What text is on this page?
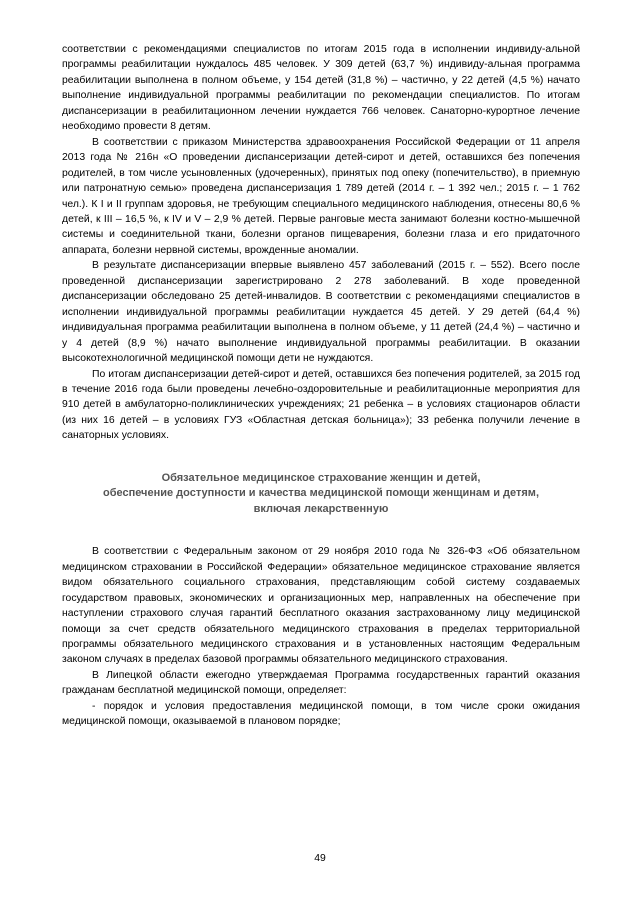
соответствии с рекомендациями специалистов по итогам 2015 года в исполнении индивиду-альной программы реабилитации нуждалось 485 человек. У 309 детей (63,7 %) индивиду-альная программа реабилитации выполнена в полном объеме, у 154 детей (31,8 %) – частично, у 22 детей (4,5 %) начато выполнение индивидуальной программы реабилитации по рекомендации специалистов. По итогам диспансеризации в реабилитационном лечении нуждается 766 человек. Санаторно-курортное лечение необходимо провести 8 детям.

В соответствии с приказом Министерства здравоохранения Российской Федерации от 11 апреля 2013 года № 216н «О проведении диспансеризации детей-сирот и детей, оставшихся без попечения родителей, в том числе усыновленных (удочеренных), принятых под опеку (попечительство), в приемную или патронатную семью» проведена диспансеризация 1 789 детей (2014 г. – 1 392 чел.; 2015 г. – 1 762 чел.). К I и II группам здоровья, не требующим специального медицинского наблюдения, отнесены 80,6 % детей, к III – 16,5 %, к IV и V – 2,9 % детей. Первые ранговые места занимают болезни костно-мышечной системы и соединительной ткани, болезни органов пищеварения, болезни глаза и его придаточного аппарата, болезни нервной системы, врожденные аномалии.

В результате диспансеризации впервые выявлено 457 заболеваний (2015 г. – 552). Всего после проведенной диспансеризации зарегистрировано 2 278 заболеваний. В ходе проведенной диспансеризации обследовано 25 детей-инвалидов. В соответствии с рекомендациями специалистов в исполнении индивидуальной программы реабилитации нуждается 45 детей. У 29 детей (64,4 %) индивидуальная программа реабилитации выполнена в полном объеме, у 11 детей (24,4 %) – частично и у 4 детей (8,9 %) начато выполнение индивидуальной программы реабилитации. В оказании высокотехнологичной медицинской помощи дети не нуждаются.

По итогам диспансеризации детей-сирот и детей, оставшихся без попечения родителей, за 2015 год в течение 2016 года были проведены лечебно-оздоровительные и реабилитационные мероприятия для 910 детей в амбулаторно-поликлинических учреждениях; 21 ребенка – в условиях стационаров области (из них 16 детей – в условиях ГУЗ «Областная детская больница»); 33 ребенка получили лечение в санаторных условиях.

Обязательное медицинское страхование женщин и детей,
обеспечение доступности и качества медицинской помощи женщинам и детям,
включая лекарственную

В соответствии с Федеральным законом от 29 ноября 2010 года № 326-ФЗ «Об обязательном медицинском страховании в Российской Федерации» обязательное медицинское страхование является видом обязательного социального страхования, представляющим собой систему создаваемых государством правовых, экономических и организационных мер, направленных на обеспечение при наступлении страхового случая гарантий бесплатного оказания застрахованному лицу медицинской помощи за счет средств обязательного медицинского страхования в пределах территориальной программы обязательного медицинского страхования и в установленных настоящим Федеральным законом случаях в пределах базовой программы обязательного медицинского страхования.

В Липецкой области ежегодно утверждаемая Программа государственных гарантий оказания гражданам бесплатной медицинской помощи, определяет:

- порядок и условия предоставления медицинской помощи, в том числе сроки ожидания медицинской помощи, оказываемой в плановом порядке;

49
